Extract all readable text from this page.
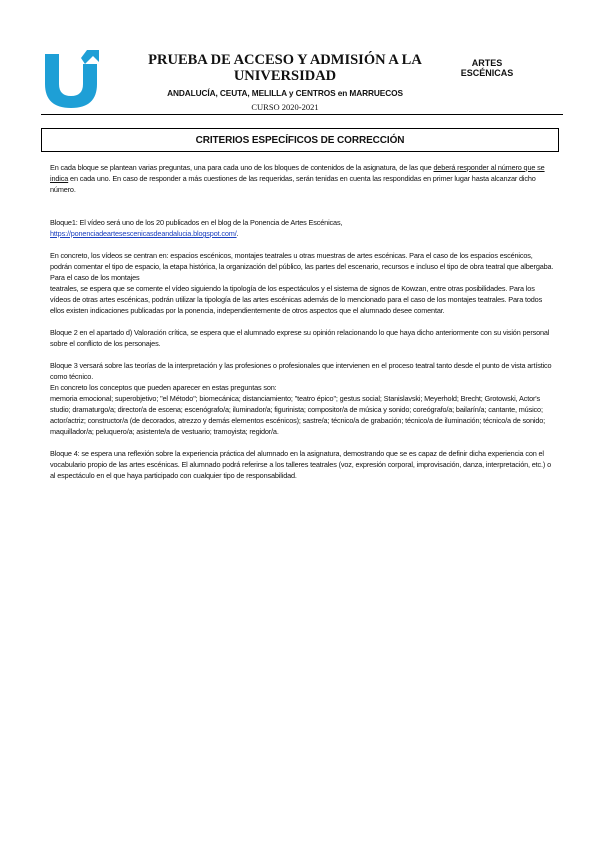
PRUEBA DE ACCESO Y ADMISIÓN A LA UNIVERSIDAD

ANDALUCÍA, CEUTA, MELILLA y CENTROS en MARRUECOS
CURSO 2020-2021
ARTES
ESCÉNICAS
CRITERIOS ESPECÍFICOS DE CORRECCIÓN

En cada bloque se plantean varias preguntas, una para cada uno de los bloques de contenidos de la asignatura, de las que deberá responder al número que se indica en cada uno. En caso de responder a más cuestiones de las requeridas, serán tenidas en cuenta las respondidas en primer lugar hasta alcanzar dicho número.

Bloque1: El vídeo será uno de los 20 publicados en el blog de la Ponencia de Artes Escénicas,
https://ponenciadeartesescenicasdeandalucia.blogspot.com/.

En concreto, los vídeos se centran en: espacios escénicos, montajes teatrales u otras muestras de artes escénicas. Para el caso de los espacios escénicos, podrán comentar el tipo de espacio, la etapa histórica, la organización del público, las partes del escenario, recursos e incluso el tipo de obra teatral que albergaba. Para el caso de los montajes

teatrales, se espera que se comente el vídeo siguiendo la tipología de los espectáculos y el sistema de signos de Kowzan, entre otras posibilidades. Para los vídeos de otras artes escénicas, podrán utilizar la tipología de las artes escénicas además de lo mencionado para el caso de los montajes teatrales. Para todos ellos existen indicaciones publicadas por la ponencia, independientemente de otros aspectos que el alumnado desee comentar.

Bloque 2 en el apartado d) Valoración crítica, se espera que el alumnado exprese su opinión relacionando lo que haya dicho anteriormente con su visión personal sobre el conflicto de los personajes.

Bloque 3 versará sobre las teorías de la interpretación y las profesiones o profesionales que intervienen en el proceso teatral tanto desde el punto de vista artístico como técnico.

En concreto los conceptos que pueden aparecer en estas preguntas son:

memoria emocional; superobjetivo; "el Método"; biomecánica; distanciamiento; "teatro épico"; gestus social; Stanislavski; Meyerhold; Brecht; Grotowski, Actor's studio; dramaturgo/a; director/a de escena; escenógrafo/a; iluminador/a; figurinista; compositor/a de música y sonido; coreógrafo/a; bailarín/a; cantante, músico; actor/actriz; constructor/a (de decorados, atrezzo y demás elementos escénicos); sastre/a; técnico/a de grabación; técnico/a de iluminación; técnico/a de sonido; maquillador/a; peluquero/a; asistente/a de vestuario; tramoyista; regidor/a.

Bloque 4: se espera una reflexión sobre la experiencia práctica del alumnado en la asignatura, demostrando que se es capaz de definir dicha experiencia con el vocabulario propio de las artes escénicas. El alumnado podrá referirse a los talleres teatrales (voz, expresión corporal, improvisación, danza, interpretación, etc.) o al espectáculo en el que haya participado con cualquier tipo de responsabilidad.
